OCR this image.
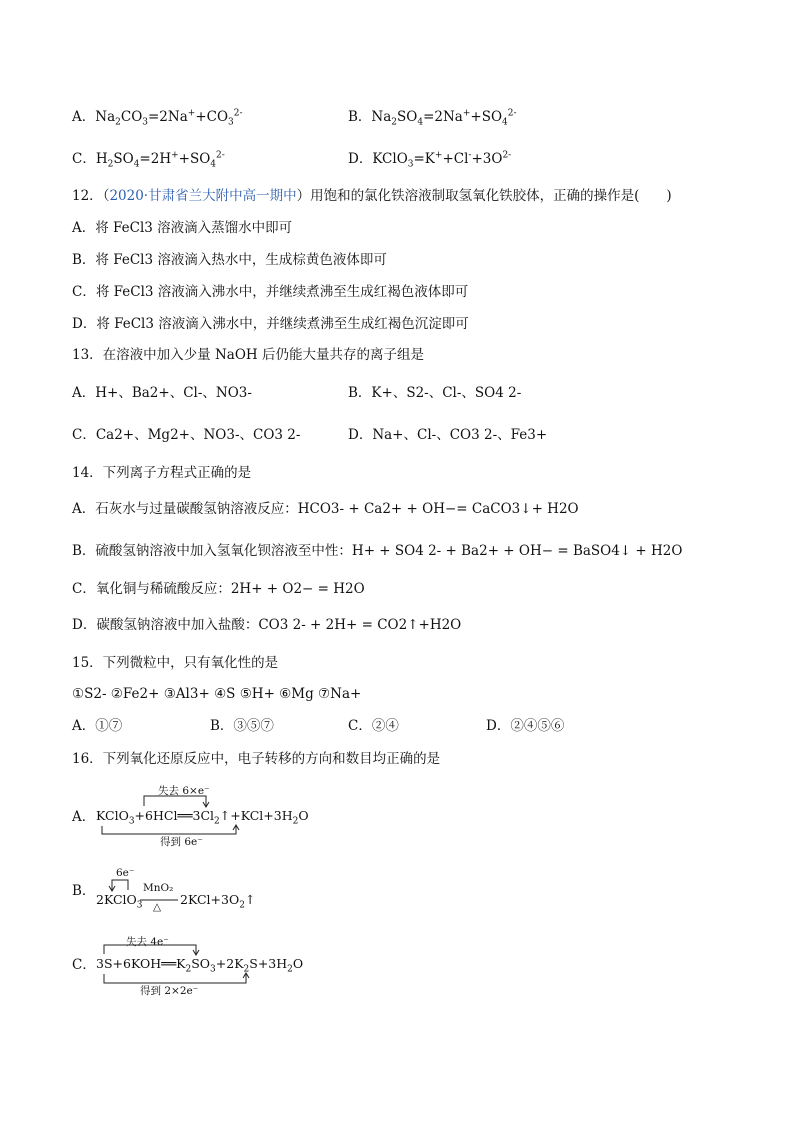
A．$Na_2CO_3=2Na^++CO_3^{2-}$	B．$Na_2SO_4=2Na^++SO_4^{2-}$
C．$H_2SO_4=2H^++SO_4^{2-}$	D．$KClO_3=K^++Cl^-+3O^{2-}$
12．（2020·甘肃省兰大附中高一期中）用饱和的氯化铁溶液制取氢氧化铁胶体，正确的操作是(　　)
A．将 FeCl3 溶液滴入蒸馏水中即可
B．将 FeCl3 溶液滴入热水中，生成棕黄色液体即可
C．将 FeCl3 溶液滴入沸水中，并继续煮沸至生成红褐色液体即可
D．将 FeCl3 溶液滴入沸水中，并继续煮沸至生成红褐色沉淀即可
13．在溶液中加入少量 NaOH 后仍能大量共存的离子组是
A．H+、Ba2+、Cl-、NO3-	B．K+、S2-、Cl-、SO4 2-
C．Ca2+、Mg2+、NO3-、CO3 2-	D．Na+、Cl-、CO3 2-、Fe3+
14．下列离子方程式正确的是
A．石灰水与过量碳酸氢钠溶液反应：HCO3- + Ca2+ + OH−= CaCO3↓+ H2O
B．硫酸氢钠溶液中加入氢氧化钡溶液至中性：H+ + SO4 2- + Ba2+ + OH− = BaSO4↓ + H2O
C．氧化铜与稀硫酸反应：2H+ + O2− = H2O
D．碳酸氢钠溶液中加入盐酸：CO3 2- + 2H+ = CO2↑+H2O
15．下列微粒中，只有氧化性的是
①S2- ②Fe2+ ③Al3+ ④S ⑤H+ ⑥Mg ⑦Na+
A．①⑦	B．③⑤⑦	C．②④	D．②④⑤⑥
16．下列氧化还原反应中，电子转移的方向和数目均正确的是
失去 6×e⁻
A． $KClO_3+6HCl══3Cl_2↑+KCl+3H_2O$
得到 6e⁻
6e⁻
B．
2KClO$_3$
MnO₂
△ $2KCl+3O_2↑$
失去 4e⁻
C． $3S+6KOH══K_2SO_3+2K_2S+3H_2O$
得到 2×2e⁻
